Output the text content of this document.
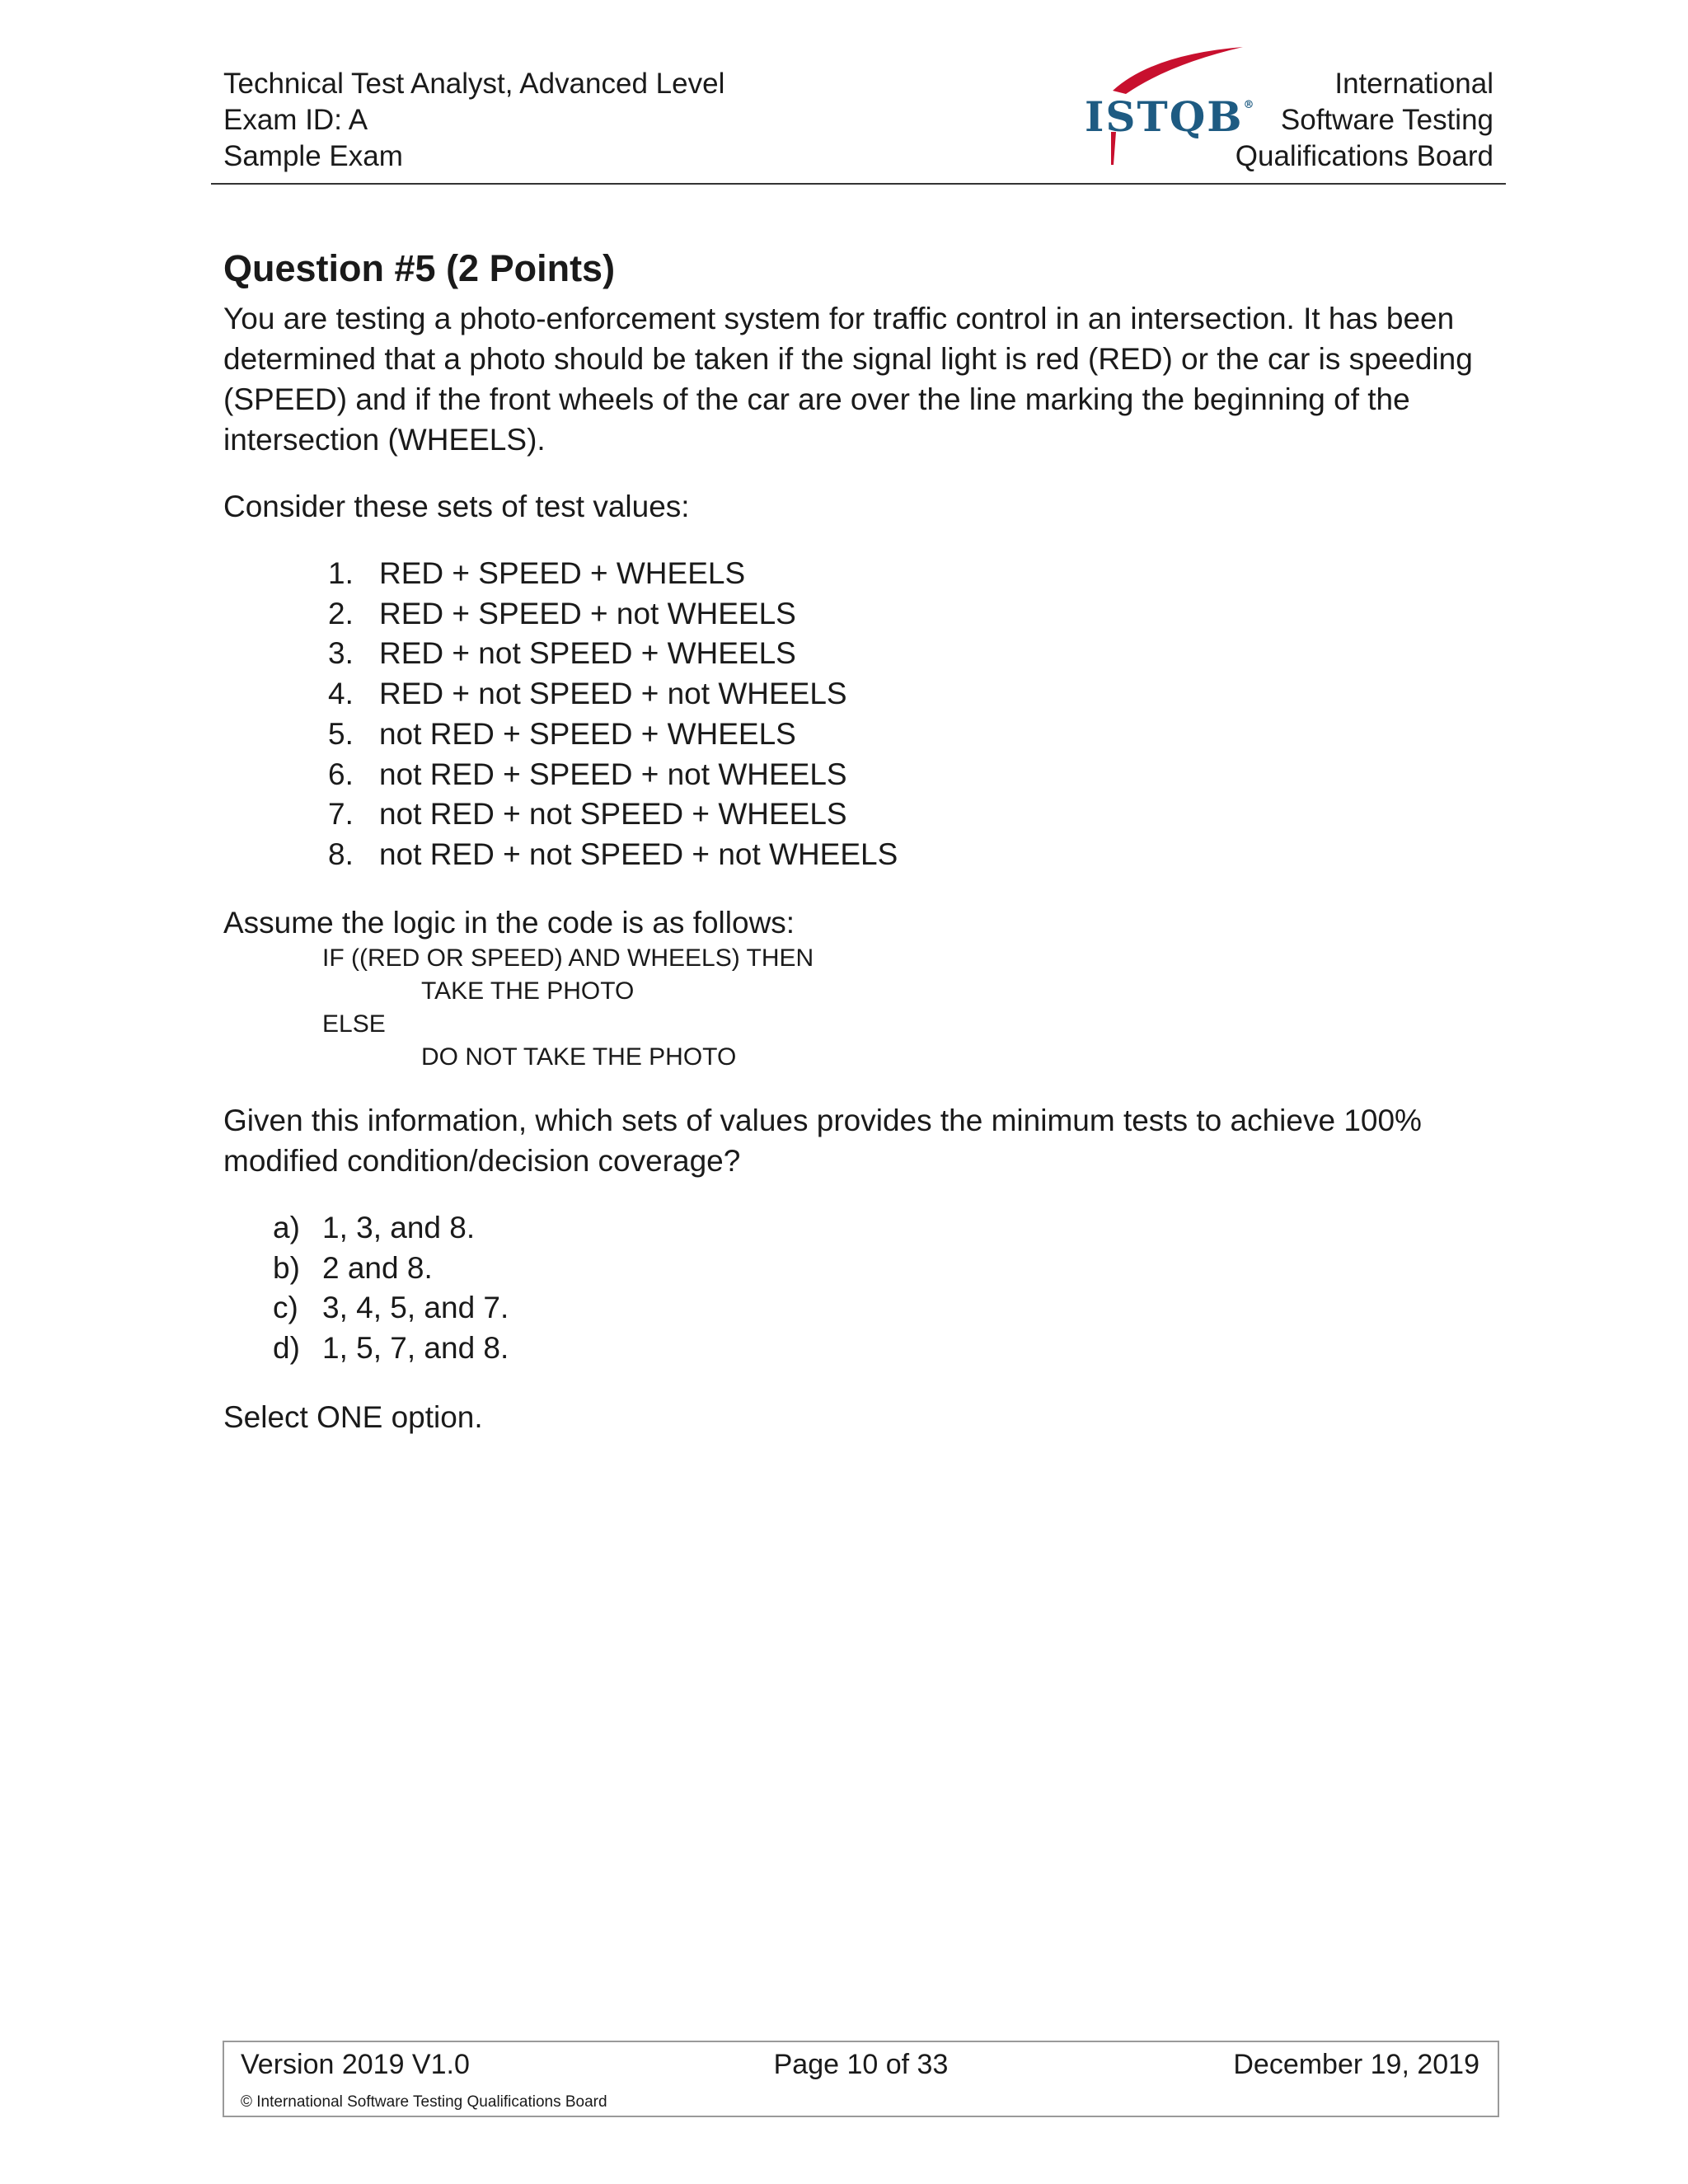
Technical Test Analyst, Advanced Level
Exam ID: A
Sample Exam
ISTQB®
International
Software Testing
Qualifications Board
Question #5 (2 Points)
You are testing a photo-enforcement system for traffic control in an intersection. It has been determined that a photo should be taken if the signal light is red (RED) or the car is speeding (SPEED) and if the front wheels of the car are over the line marking the beginning of the intersection (WHEELS).
Consider these sets of test values:
1. RED + SPEED + WHEELS
2. RED + SPEED + not WHEELS
3. RED + not SPEED + WHEELS
4. RED + not SPEED + not WHEELS
5. not RED + SPEED + WHEELS
6. not RED + SPEED + not WHEELS
7. not RED + not SPEED + WHEELS
8. not RED + not SPEED + not WHEELS
Assume the logic in the code is as follows:
IF ((RED OR SPEED) AND WHEELS) THEN
TAKE THE PHOTO
ELSE
DO NOT TAKE THE PHOTO
Given this information, which sets of values provides the minimum tests to achieve 100% modified condition/decision coverage?
a) 1, 3, and 8.
b) 2 and 8.
c) 3, 4, 5, and 7.
d) 1, 5, 7, and 8.
Select ONE option.
Version 2019 V1.0	Page 10 of 33	December 19, 2019
© International Software Testing Qualifications Board
